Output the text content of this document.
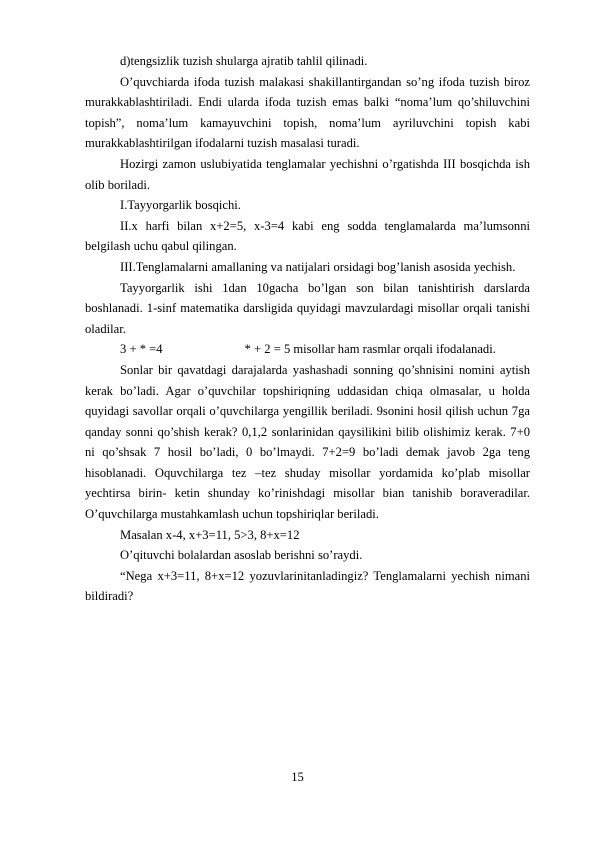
d)tengsizlik tuzish shularga ajratib tahlil qilinadi.

O’quvchiarda ifoda tuzish malakasi shakillantirgandan so’ng ifoda tuzish biroz murakkablashtiriladi. Endi ularda ifoda tuzish emas balki “noma’lum qo’shiluvchini topish”, noma’lum kamayuvchini topish, noma’lum ayriluvchini topish kabi murakkablashtirilgan ifodalarni tuzish masalasi turadi.

Hozirgi zamon uslubiyatida tenglamalar yechishni o’rgatishda III bosqichda ish olib boriladi.

I.Tayyorgarlik bosqichi.

II.x harfi bilan x+2=5, x-3=4 kabi eng sodda tenglamalarda ma’lumsonni belgilash uchu qabul qilingan.

III.Tenglamalarni amallaning va natijalari orsidagi bog’lanish asosida yechish.

Tayyorgarlik ishi 1dan 10gacha bo’lgan son bilan tanishtirish darslarda boshlanadi. 1-sinf matematika darsligida quyidagi mavzulardagi misollar orqali tanishi oladilar.

3 + * =4	* + 2 = 5 misollar ham rasmlar orqali ifodalanadi.

Sonlar bir qavatdagi darajalarda yashashadi sonning qo’shnisini nomini aytish kerak bo’ladi. Agar o’quvchilar topshiriqning uddasidan chiqa olmasalar, u holda quyidagi savollar orqali o’quvchilarga yengillik beriladi. 9sonini hosil qilish uchun 7ga qanday sonni qo’shish kerak? 0,1,2 sonlarinidan qaysilikini bilib olishimiz kerak. 7+0 ni qo’shsak 7 hosil bo’ladi, 0 bo’lmaydi. 7+2=9 bo’ladi demak javob 2ga teng hisoblanadi. Oquvchilarga tez –tez shuday misollar yordamida ko’plab misollar yechtirsa birin- ketin shunday ko’rinishdagi misollar bian tanishib boraveradilar. O’quvchilarga mustahkamlash uchun topshiriqlar beriladi.

Masalan x-4, x+3=11, 5>3, 8+x=12

O’qituvchi bolalardan asoslab berishni so’raydi.

“Nega x+3=11, 8+x=12 yozuvlarinitanladingiz? Tenglamalarni yechish nimani bildiradi?

15
